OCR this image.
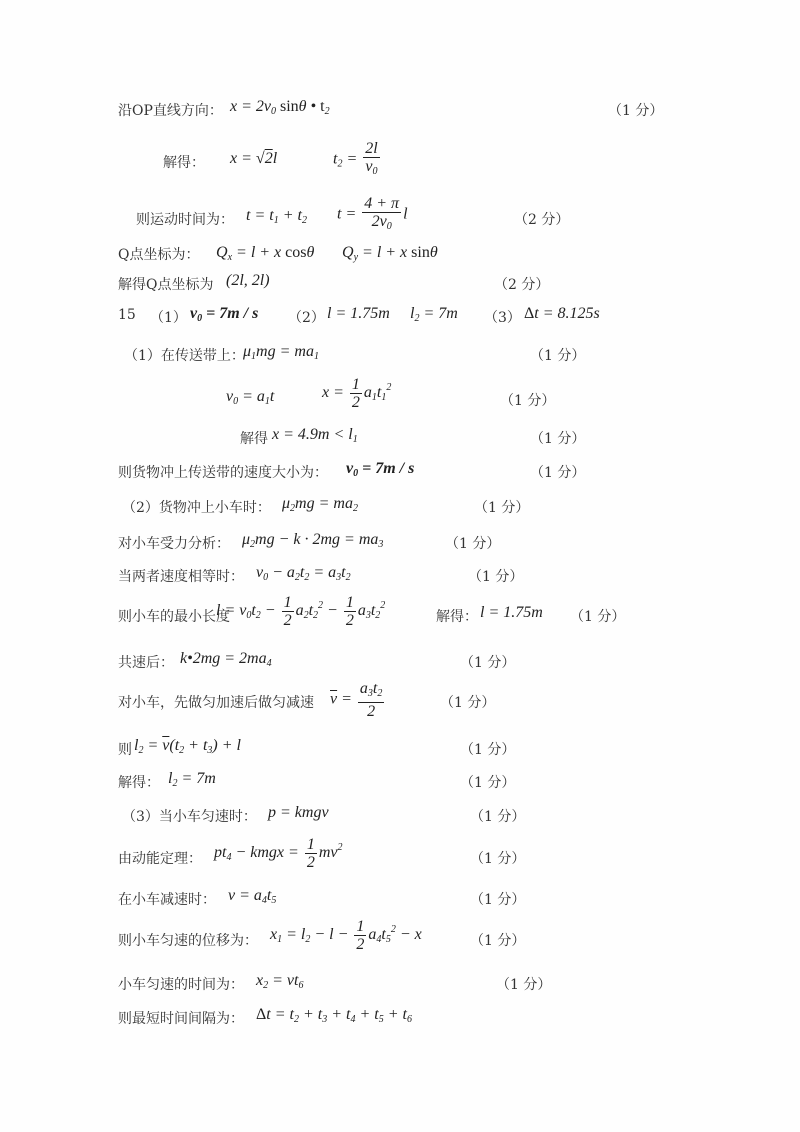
沿OP直线方向： $x = 2v_0$ sinθ • $t_2$	（1 分）
解得： x = √2l	$t_2 = \frac{2l}{v_0}$
则运动时间为： $t = t_1 + t_2$ $t = \frac{4 + \pi}{2v_0}$ l	（2 分）
Q点坐标为： $Q_x = l + x$ cosθ $Q_y = l + x$ sinθ
解得Q点坐标为 (2l, 2l)	（2 分）
15 （1） $v_0 = 7m / s$ （2） l = 1.75m $l_2 = 7m$ （3） Δt = 8.125s
（1）在传送带上：
$\mu_1mg = ma_1$	（1 分）
$v_0 = a_1t$	$x = \frac{1}{2} a_1t_1^2$
（1 分）
解得 $x = 4.9m < l_1$	（1 分）
则货物冲上传送带的速度大小为： $v_0 = 7m / s$	（1 分）
（2）货物冲上小车时： $\mu_2mg = ma_2$	（1 分）
对小车受力分析： $\mu_2mg - k \cdot 2mg = ma_3$	（1 分）
当两者速度相等时： $v_0 - a_2t_2 = a_3t_2$	（1 分）
则小车的最小长度
$l = v_0t_2 - \frac{1}{2} a_2t_2^2 - \frac{1}{2} a_3t_2^2$
解得： l = 1.75m （1 分）
共速后： k•2mg = $2ma_4$	（1 分）
对小车，先做匀加速后做匀减速 $\overline{v} = \frac{a_3t_2}{2}$	（1 分）
则 $l_2 = \overline{v}(t_2 + t_3) + l$	（1 分）
解得： $l_2 = 7m$	（1 分）
（3）当小车匀速时： p = kmgv	（1 分）
由动能定理： $pt_4$ − kmgx = $\frac{1}{2} mv^2$
（1 分）
在小车减速时： $v = a_4t_5$	（1 分）
则小车匀速的位移为： $x_1 = l_2 - l - \frac{1}{2} a_4t_5^2 - x$	（1 分）
小车匀速的时间为： $x_2 = vt_6$	（1 分）
则最短时间间隔为： $\Delta t = t_2 + t_3 + t_4 + t_5 + t_6$
